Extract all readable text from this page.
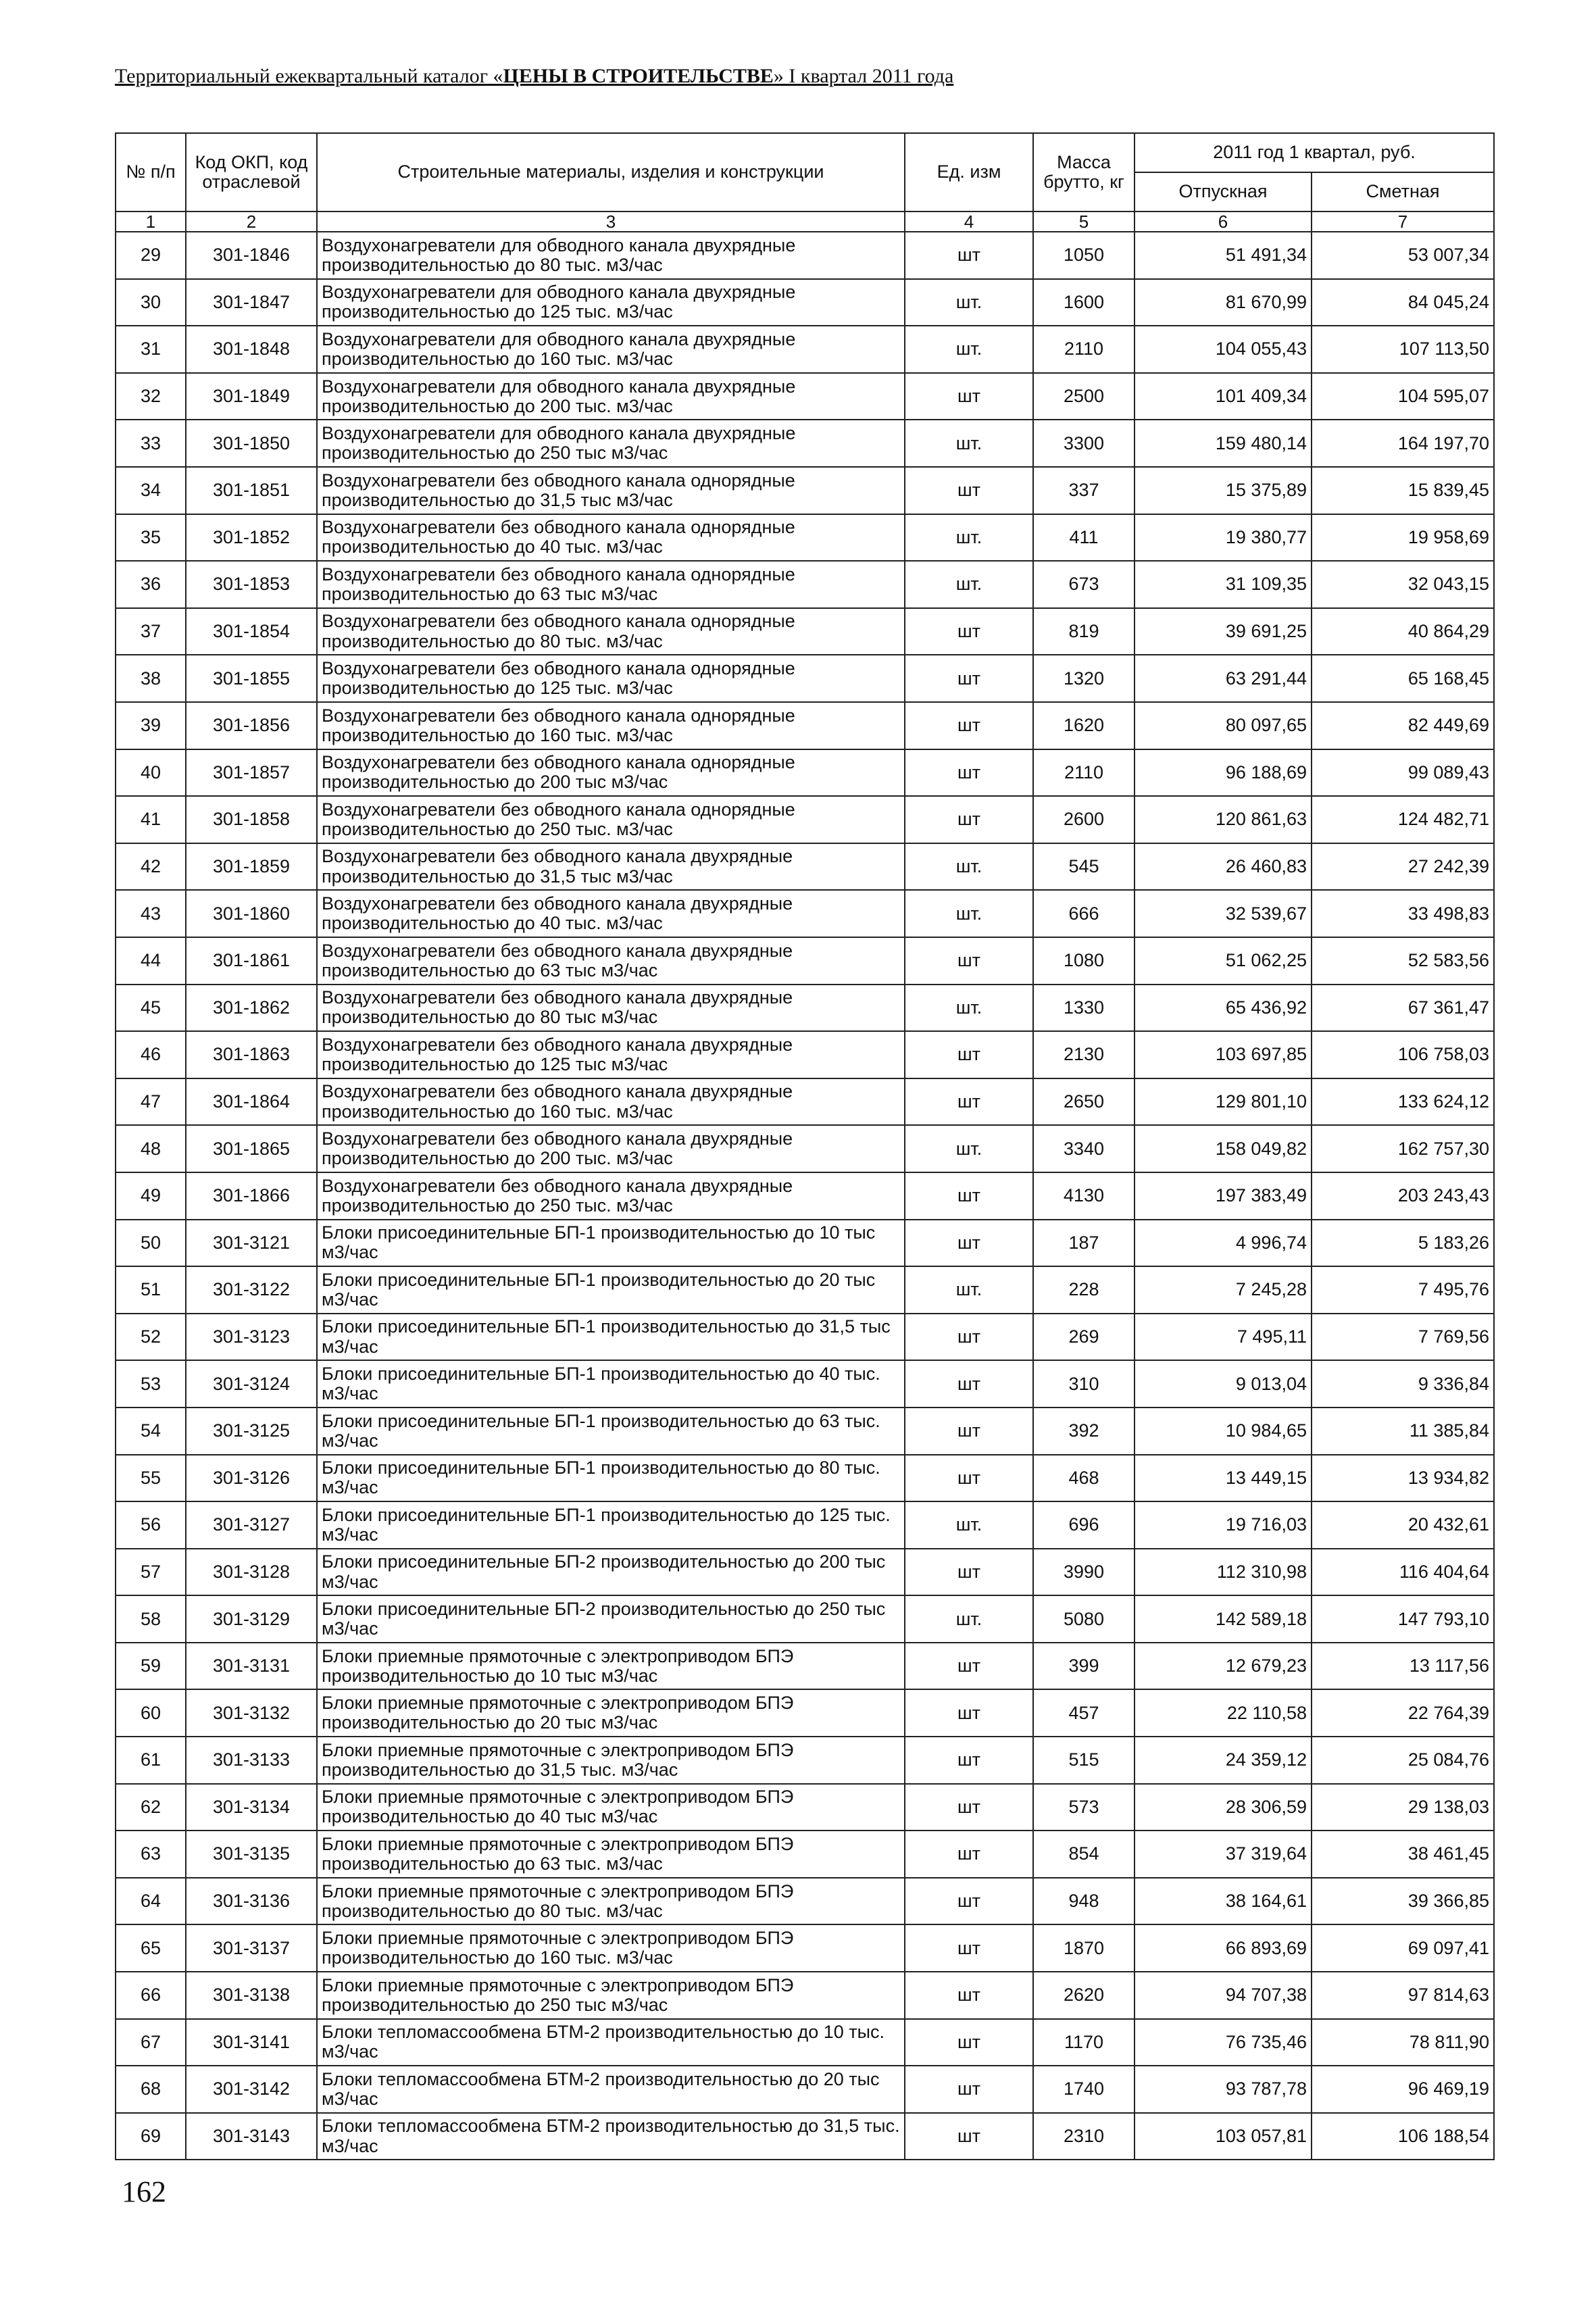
Территориальный ежеквартальный каталог «ЦЕНЫ В СТРОИТЕЛЬСТВЕ» I квартал 2011 года
№ п/п	Код ОКП, код отраслевой	Строительные материалы, изделия и конструкции	Ед. изм	Масса брутто, кг	2011 год 1 квартал, руб.	
					Отпускная	Сметная
1	2	3	4	5	6	7
29	301-1846	Воздухонагреватели для обводного канала двухрядные производительностью до 80 тыс. м3/час	шт	1050	51 491,34	53 007,34
30	301-1847	Воздухонагреватели для обводного канала двухрядные производительностью до 125 тыс. м3/час	шт.	1600	81 670,99	84 045,24
31	301-1848	Воздухонагреватели для обводного канала двухрядные производительностью до 160 тыс. м3/час	шт.	2110	104 055,43	107 113,50
32	301-1849	Воздухонагреватели для обводного канала двухрядные производительностью до 200 тыс. м3/час	шт	2500	101 409,34	104 595,07
33	301-1850	Воздухонагреватели для обводного канала двухрядные производительностью до 250 тыс м3/час	шт.	3300	159 480,14	164 197,70
34	301-1851	Воздухонагреватели без обводного канала однорядные производительностью до 31,5 тыс м3/час	шт	337	15 375,89	15 839,45
35	301-1852	Воздухонагреватели без обводного канала однорядные производительностью до 40 тыс. м3/час	шт.	411	19 380,77	19 958,69
36	301-1853	Воздухонагреватели без обводного канала однорядные производительностью до 63 тыс м3/час	шт.	673	31 109,35	32 043,15
37	301-1854	Воздухонагреватели без обводного канала однорядные производительностью до 80 тыс. м3/час	шт	819	39 691,25	40 864,29
38	301-1855	Воздухонагреватели без обводного канала однорядные производительностью до 125 тыс. м3/час	шт	1320	63 291,44	65 168,45
39	301-1856	Воздухонагреватели без обводного канала однорядные производительностью до 160 тыс. м3/час	шт	1620	80 097,65	82 449,69
40	301-1857	Воздухонагреватели без обводного канала однорядные производительностью до 200 тыс м3/час	шт	2110	96 188,69	99 089,43
41	301-1858	Воздухонагреватели без обводного канала однорядные производительностью до 250 тыс. м3/час	шт	2600	120 861,63	124 482,71
42	301-1859	Воздухонагреватели без обводного канала двухрядные производительностью до 31,5 тыс м3/час	шт.	545	26 460,83	27 242,39
43	301-1860	Воздухонагреватели без обводного канала двухрядные производительностью до 40 тыс. м3/час	шт.	666	32 539,67	33 498,83
44	301-1861	Воздухонагреватели без обводного канала двухрядные производительностью до 63 тыс м3/час	шт	1080	51 062,25	52 583,56
45	301-1862	Воздухонагреватели без обводного канала двухрядные производительностью до 80 тыс м3/час	шт.	1330	65 436,92	67 361,47
46	301-1863	Воздухонагреватели без обводного канала двухрядные производительностью до 125 тыс м3/час	шт	2130	103 697,85	106 758,03
47	301-1864	Воздухонагреватели без обводного канала двухрядные производительностью до 160 тыс. м3/час	шт	2650	129 801,10	133 624,12
48	301-1865	Воздухонагреватели без обводного канала двухрядные производительностью до 200 тыс. м3/час	шт.	3340	158 049,82	162 757,30
49	301-1866	Воздухонагреватели без обводного канала двухрядные производительностью до 250 тыс. м3/час	шт	4130	197 383,49	203 243,43
50	301-3121	Блоки присоединительные БП-1 производительностью до 10 тыс м3/час	шт	187	4 996,74	5 183,26
51	301-3122	Блоки присоединительные БП-1 производительностью до 20 тыс м3/час	шт.	228	7 245,28	7 495,76
52	301-3123	Блоки присоединительные БП-1 производительностью до 31,5 тыс м3/час	шт	269	7 495,11	7 769,56
53	301-3124	Блоки присоединительные БП-1 производительностью до 40 тыс. м3/час	шт	310	9 013,04	9 336,84
54	301-3125	Блоки присоединительные БП-1 производительностью до 63 тыс. м3/час	шт	392	10 984,65	11 385,84
55	301-3126	Блоки присоединительные БП-1 производительностью до 80 тыс. м3/час	шт	468	13 449,15	13 934,82
56	301-3127	Блоки присоединительные БП-1 производительностью до 125 тыс. м3/час	шт.	696	19 716,03	20 432,61
57	301-3128	Блоки присоединительные БП-2 производительностью до 200 тыс м3/час	шт	3990	112 310,98	116 404,64
58	301-3129	Блоки присоединительные БП-2 производительностью до 250 тыс м3/час	шт.	5080	142 589,18	147 793,10
59	301-3131	Блоки приемные прямоточные с электроприводом БПЭ производительностью до 10 тыс м3/час	шт	399	12 679,23	13 117,56
60	301-3132	Блоки приемные прямоточные с электроприводом БПЭ производительностью до 20 тыс м3/час	шт	457	22 110,58	22 764,39
61	301-3133	Блоки приемные прямоточные с электроприводом БПЭ производительностью до 31,5 тыс. м3/час	шт	515	24 359,12	25 084,76
62	301-3134	Блоки приемные прямоточные с электроприводом БПЭ производительностью до 40 тыс м3/час	шт	573	28 306,59	29 138,03
63	301-3135	Блоки приемные прямоточные с электроприводом БПЭ производительностью до 63 тыс. м3/час	шт	854	37 319,64	38 461,45
64	301-3136	Блоки приемные прямоточные с электроприводом БПЭ производительностью до 80 тыс. м3/час	шт	948	38 164,61	39 366,85
65	301-3137	Блоки приемные прямоточные с электроприводом БПЭ производительностью до 160 тыс. м3/час	шт	1870	66 893,69	69 097,41
66	301-3138	Блоки приемные прямоточные с электроприводом БПЭ производительностью до 250 тыс м3/час	шт	2620	94 707,38	97 814,63
67	301-3141	Блоки тепломассообмена БТМ-2 производительностью до 10 тыс. м3/час	шт	1170	76 735,46	78 811,90
68	301-3142	Блоки тепломассообмена БТМ-2 производительностью до 20 тыс м3/час	шт	1740	93 787,78	96 469,19
69	301-3143	Блоки тепломассообмена БТМ-2 производительностью до 31,5 тыс. м3/час	шт	2310	103 057,81	106 188,54
162
